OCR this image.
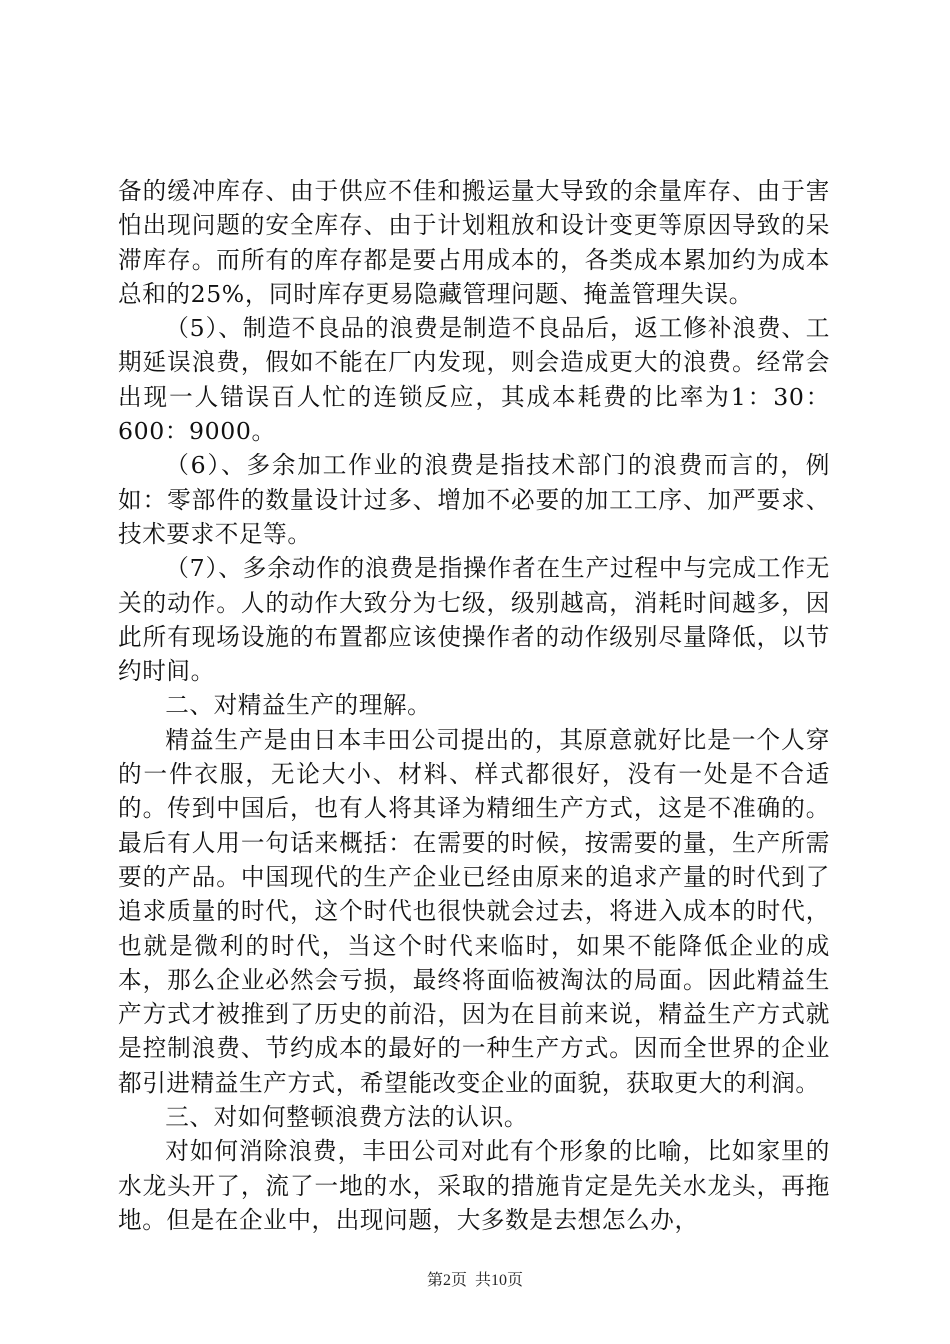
备的缓冲库存、由于供应不佳和搬运量大导致的余量库存、由于害怕出现问题的安全库存、由于计划粗放和设计变更等原因导致的呆滞库存。而所有的库存都是要占用成本的，各类成本累加约为成本总和的25%，同时库存更易隐藏管理问题、掩盖管理失误。

（5）、制造不良品的浪费是制造不良品后，返工修补浪费、工期延误浪费，假如不能在厂内发现，则会造成更大的浪费。经常会出现一人错误百人忙的连锁反应，其成本耗费的比率为1：30：600：9000。

（6）、多余加工作业的浪费是指技术部门的浪费而言的，例如：零部件的数量设计过多、增加不必要的加工工序、加严要求、技术要求不足等。

（7）、多余动作的浪费是指操作者在生产过程中与完成工作无关的动作。人的动作大致分为七级，级别越高，消耗时间越多，因此所有现场设施的布置都应该使操作者的动作级别尽量降低，以节约时间。

二、对精益生产的理解。

精益生产是由日本丰田公司提出的，其原意就好比是一个人穿的一件衣服，无论大小、材料、样式都很好，没有一处是不合适的。传到中国后，也有人将其译为精细生产方式，这是不准确的。最后有人用一句话来概括：在需要的时候，按需要的量，生产所需要的产品。中国现代的生产企业已经由原来的追求产量的时代到了追求质量的时代，这个时代也很快就会过去，将进入成本的时代，也就是微利的时代，当这个时代来临时，如果不能降低企业的成本，那么企业必然会亏损，最终将面临被淘汰的局面。因此精益生产方式才被推到了历史的前沿，因为在目前来说，精益生产方式就是控制浪费、节约成本的最好的一种生产方式。因而全世界的企业都引进精益生产方式，希望能改变企业的面貌，获取更大的利润。

三、对如何整顿浪费方法的认识。

对如何消除浪费，丰田公司对此有个形象的比喻，比如家里的水龙头开了，流了一地的水，采取的措施肯定是先关水龙头，再拖地。但是在企业中，出现问题，大多数是去想怎么办，

第2页 共10页
